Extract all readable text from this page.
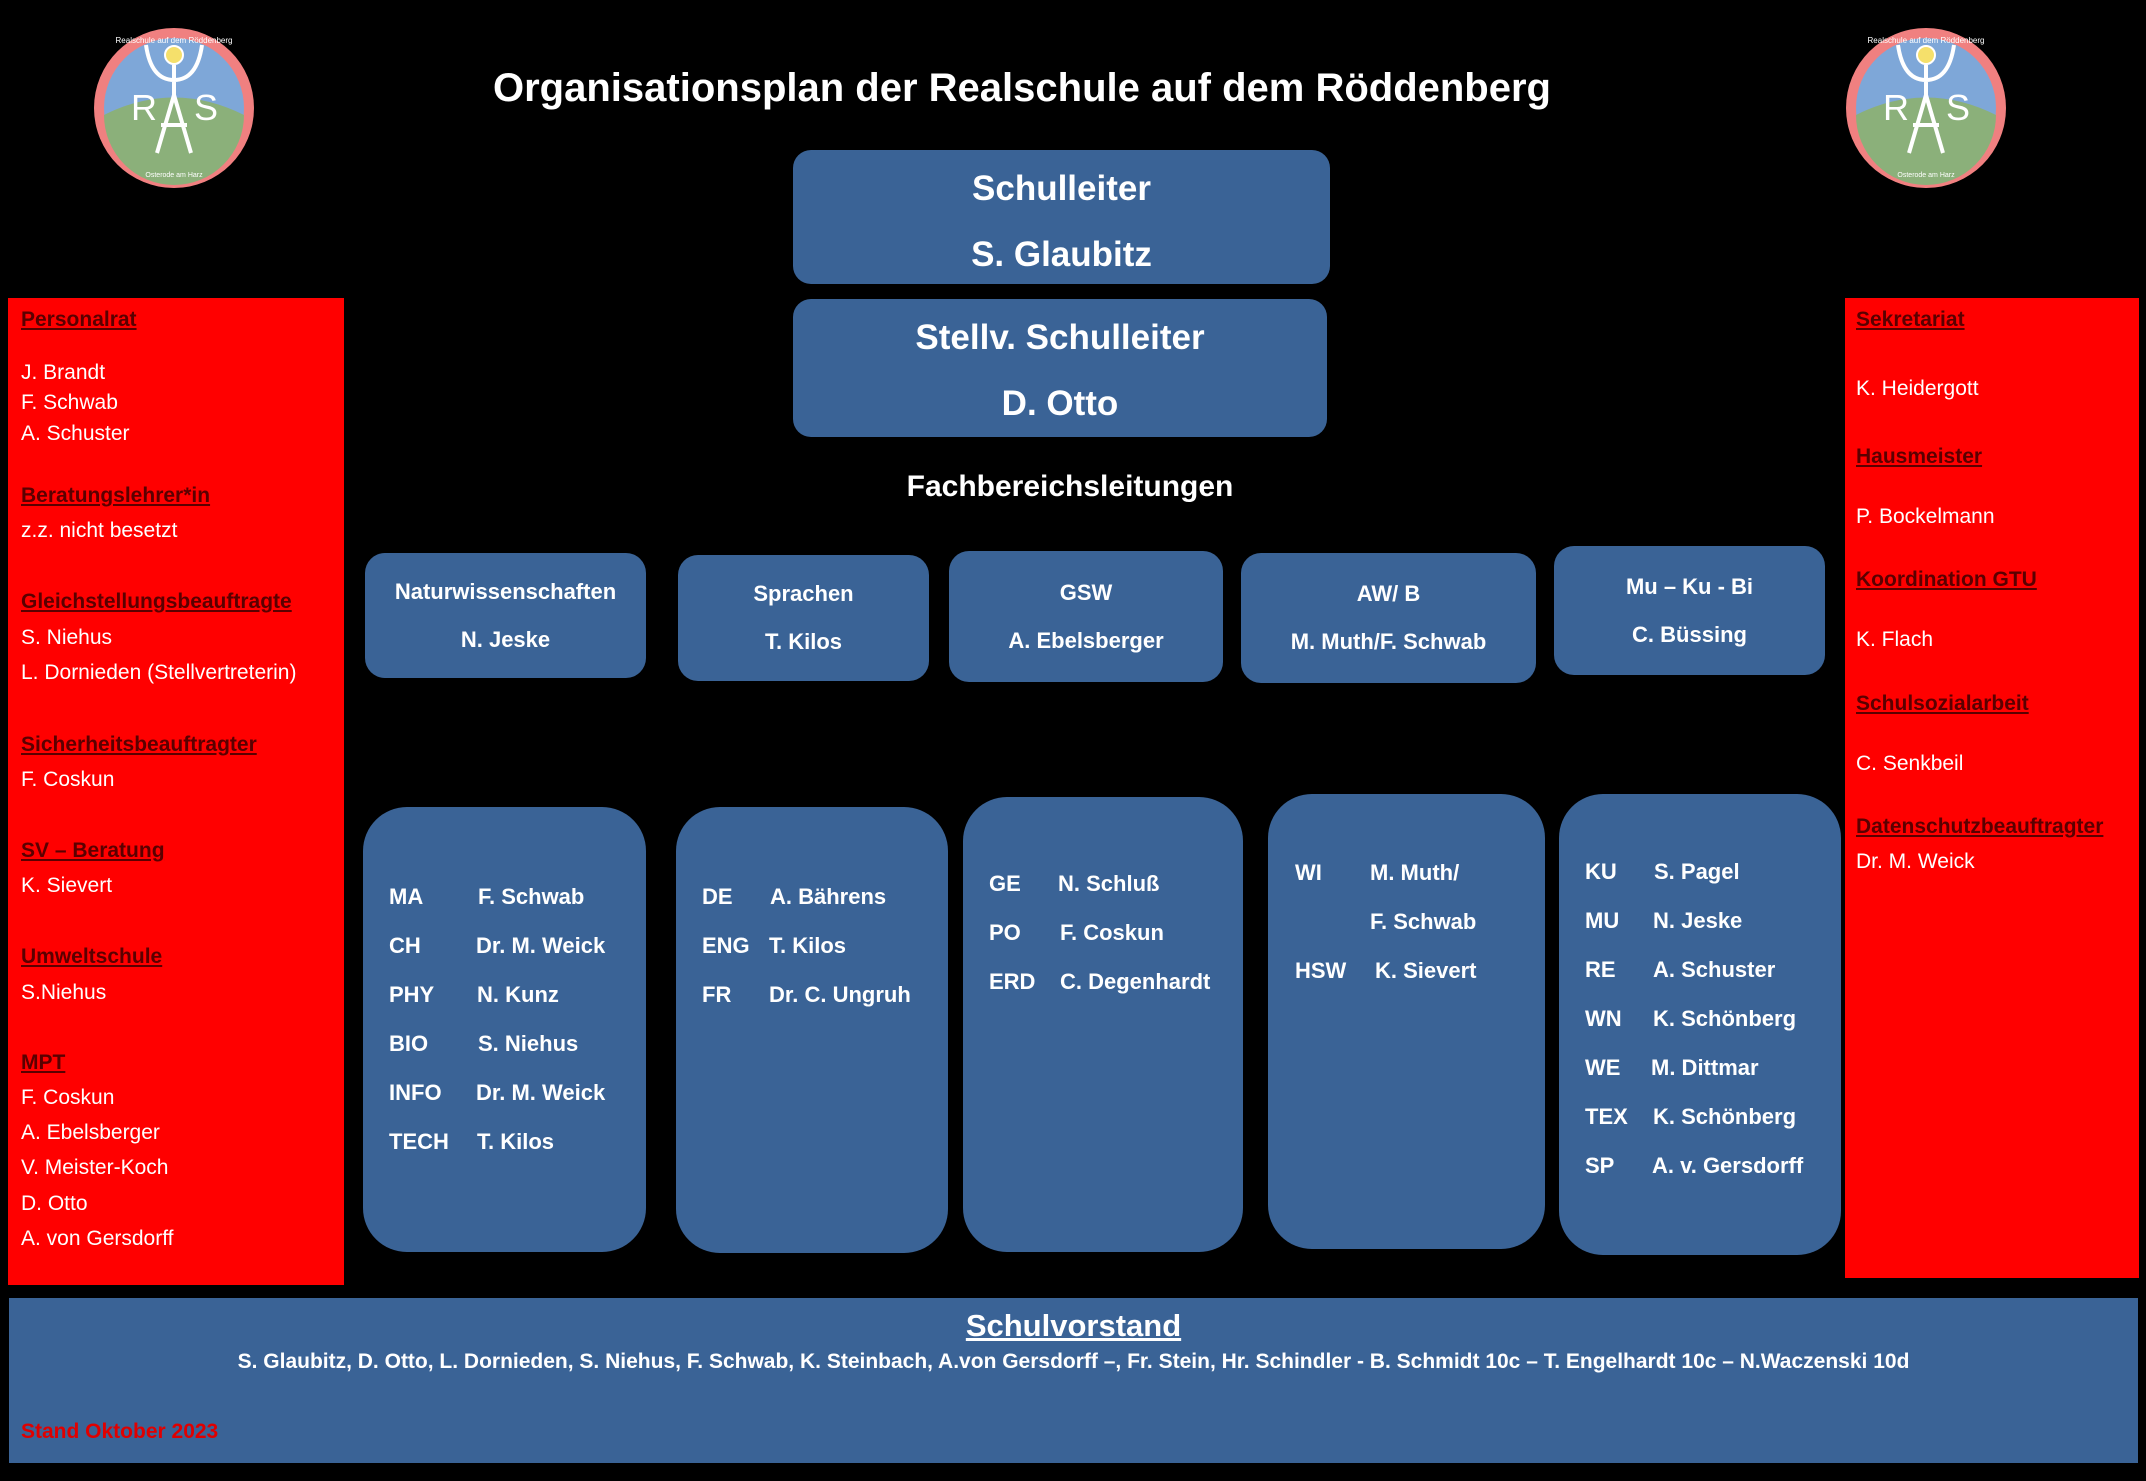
Organisationsplan der Realschule auf dem Röddenberg
R S
Realschule auf dem Röddenberg
Osterode am Harz
R S
Realschule auf dem Röddenberg
Osterode am Harz
Schulleiter
S. Glaubitz
Stellv. Schulleiter
D. Otto
Fachbereichsleitungen
Naturwissenschaften
N. Jeske
Sprachen
T. Kilos
GSW
A. Ebelsberger
AW/ B
M. Muth/F. Schwab
Mu – Ku - Bi
C. Büssing
MA	F. Schwab
CH	Dr. M. Weick
PHY	N. Kunz
BIO	S. Niehus
INFO	Dr. M. Weick
TECH	T. Kilos
DE	A. Bährens
ENG T. Kilos
FR	Dr. C. Ungruh
GE	N. Schluß
PO	F. Coskun
ERD	C. Degenhardt
WI	M. Muth/
F. Schwab
HSW	K. Sievert
KU	S. Pagel
MU	N. Jeske
RE	A. Schuster
WN	K. Schönberg
WE	M. Dittmar
TEX	K. Schönberg
SP	A. v. Gersdorff
Personalrat
J. Brandt
F. Schwab
A. Schuster
Beratungslehrer*in
z.z. nicht besetzt
Gleichstellungsbeauftragte
S. Niehus
L. Dornieden (Stellvertreterin)
Sicherheitsbeauftragter
F. Coskun
SV – Beratung
K. Sievert
Umweltschule
S.Niehus
MPT
F. Coskun
A. Ebelsberger
V. Meister-Koch
D. Otto
A. von Gersdorff
Sekretariat
K. Heidergott
Hausmeister
P. Bockelmann
Koordination GTU
K. Flach
Schulsozialarbeit
C. Senkbeil
Datenschutzbeauftragter
Dr. M. Weick
Schulvorstand
S. Glaubitz, D. Otto, L. Dornieden, S. Niehus, F. Schwab, K. Steinbach, A.von Gersdorff –, Fr. Stein, Hr. Schindler - B. Schmidt 10c – T. Engelhardt 10c – N.Waczenski 10d
Stand Oktober 2023
